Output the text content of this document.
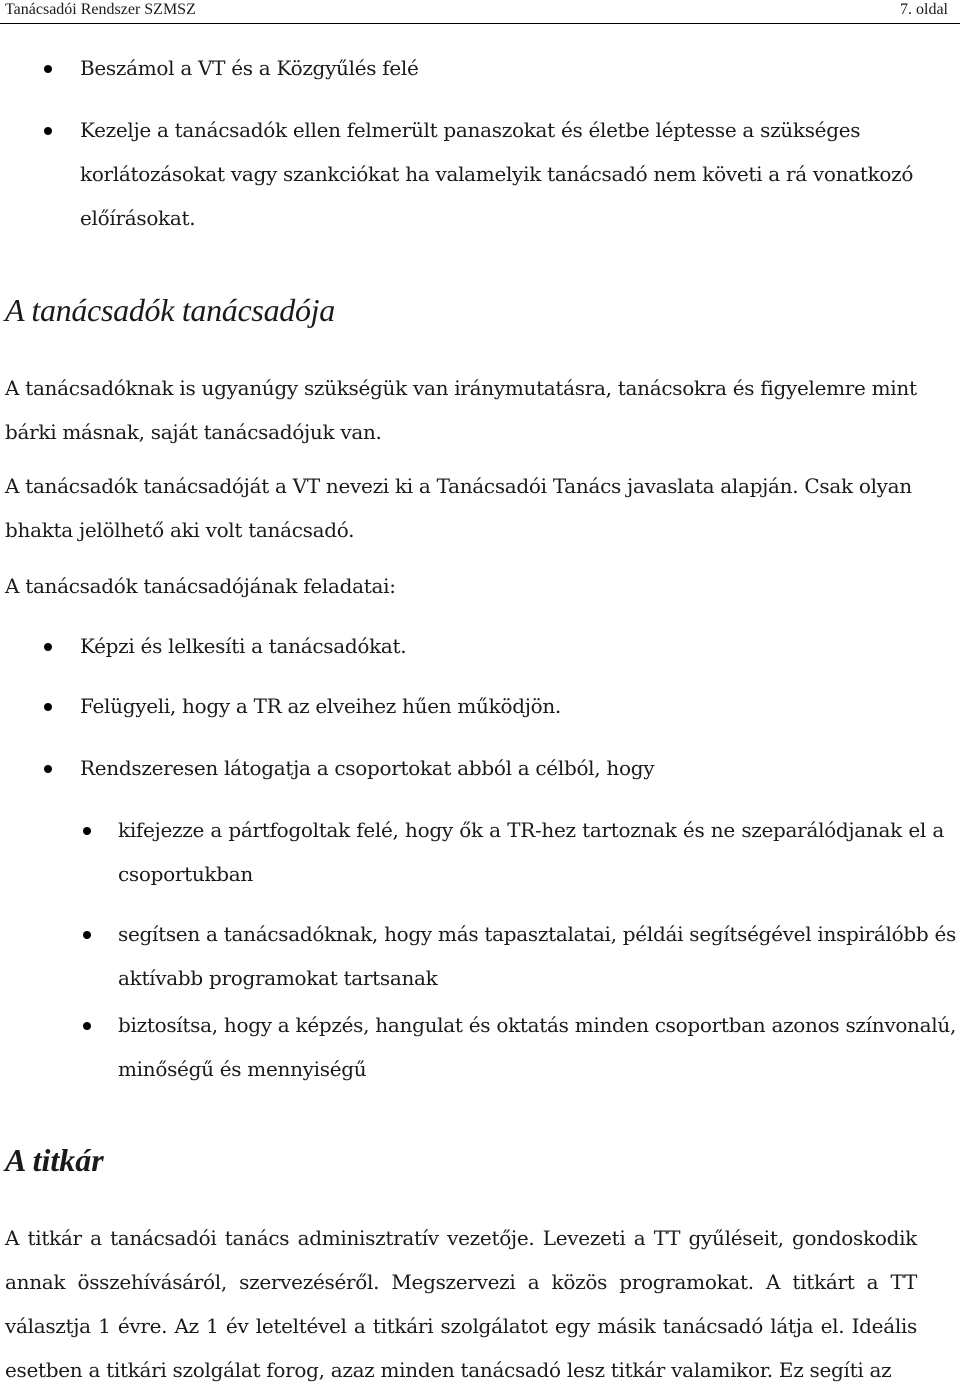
Tanácsadói Rendszer SZMSZ	7. oldal
Beszámol a VT és a Közgyűlés felé
Kezelje a tanácsadók ellen felmerült panaszokat és életbe léptesse a szükséges korlátozásokat vagy szankciókat ha valamelyik tanácsadó nem követi a rá vonatkozó előírásokat.
A tanácsadók tanácsadója
A tanácsadóknak is ugyanúgy szükségük van iránymutatásra, tanácsokra és figyelemre mint bárki másnak, saját tanácsadójuk van.
A tanácsadók tanácsadóját a VT nevezi ki a Tanácsadói Tanács javaslata alapján. Csak olyan bhakta jelölhető aki volt tanácsadó.
A tanácsadók tanácsadójának feladatai:
Képzi és lelkesíti a tanácsadókat.
Felügyeli, hogy a TR az elveihez hűen működjön.
Rendszeresen látogatja a csoportokat abból a célból, hogy
kifejezze a pártfogoltak felé, hogy ők a TR-hez tartoznak és ne szeparálódjanak el a csoportukban
segítsen a tanácsadóknak, hogy más tapasztalatai, példái segítségével inspirálóbb és aktívabb programokat tartsanak
biztosítsa, hogy a képzés, hangulat és oktatás minden csoportban azonos színvonalú, minőségű és mennyiségű
A titkár
A titkár a tanácsadói tanács adminisztratív vezetője. Levezeti a TT gyűléseit, gondoskodik annak összehívásáról, szervezéséről. Megszervezi a közös programokat. A titkárt a TT választja 1 évre. Az 1 év leteltével a titkári szolgálatot egy másik tanácsadó látja el. Ideális esetben a titkári szolgálat forog, azaz minden tanácsadó lesz titkár valamikor. Ez segíti az
